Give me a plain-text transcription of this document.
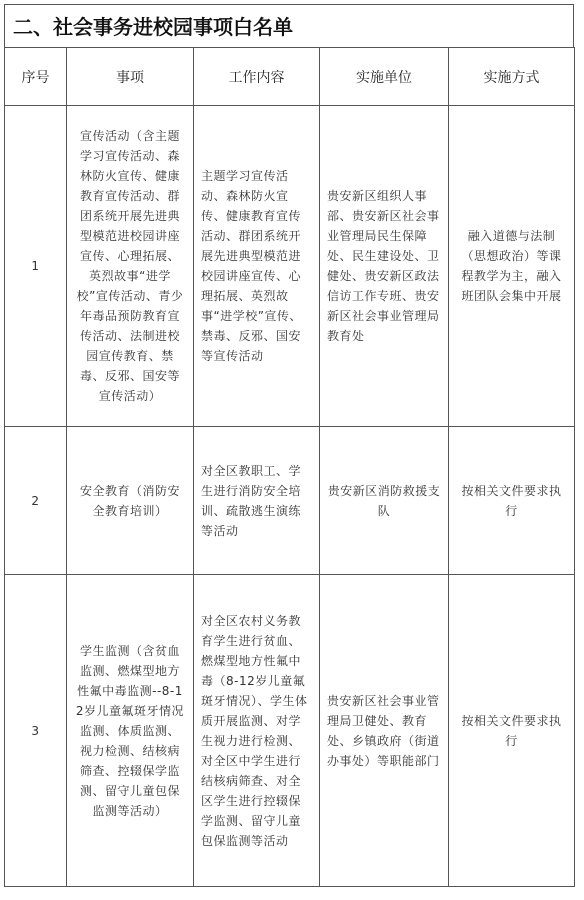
二、社会事务进校园事项白名单
序号	事项	工作内容	实施单位	实施方式
1	宣传活动（含主题学习宣传活动、森林防火宣传、健康教育宣传活动、群团系统开展先进典型模范进校园讲座宣传、心理拓展、英烈故事“进学校”宣传活动、青少年毒品预防教育宣传活动、法制进校园宣传教育、禁毒、反邪、国安等宣传活动）	主题学习宣传活动、森林防火宣传、健康教育宣传活动、群团系统开展先进典型模范进校园讲座宣传、心理拓展、英烈故事“进学校”宣传、禁毒、反邪、国安等宣传活动	贵安新区组织人事部、贵安新区社会事业管理局民生保障处、民生建设处、卫健处、贵安新区政法信访工作专班、贵安新区社会事业管理局教育处	融入道德与法制（思想政治）等课程教学为主，融入班团队会集中开展
2	安全教育（消防安全教育培训）	对全区教职工、学生进行消防安全培训、疏散逃生演练等活动	贵安新区消防救援支队	按相关文件要求执行
3	学生监测（含贫血监测、燃煤型地方性氟中毒监测--8-12岁儿童氟斑牙情况监测、体质监测、视力检测、结核病筛查、控辍保学监测、留守儿童包保监测等活动）	对全区农村义务教育学生进行贫血、燃煤型地方性氟中毒（8-12岁儿童氟斑牙情况）、学生体质开展监测、对学生视力进行检测、对全区中学生进行结核病筛查、对全区学生进行控辍保学监测、留守儿童包保监测等活动	贵安新区社会事业管理局卫健处、教育处、乡镇政府（街道办事处）等职能部门	按相关文件要求执行
